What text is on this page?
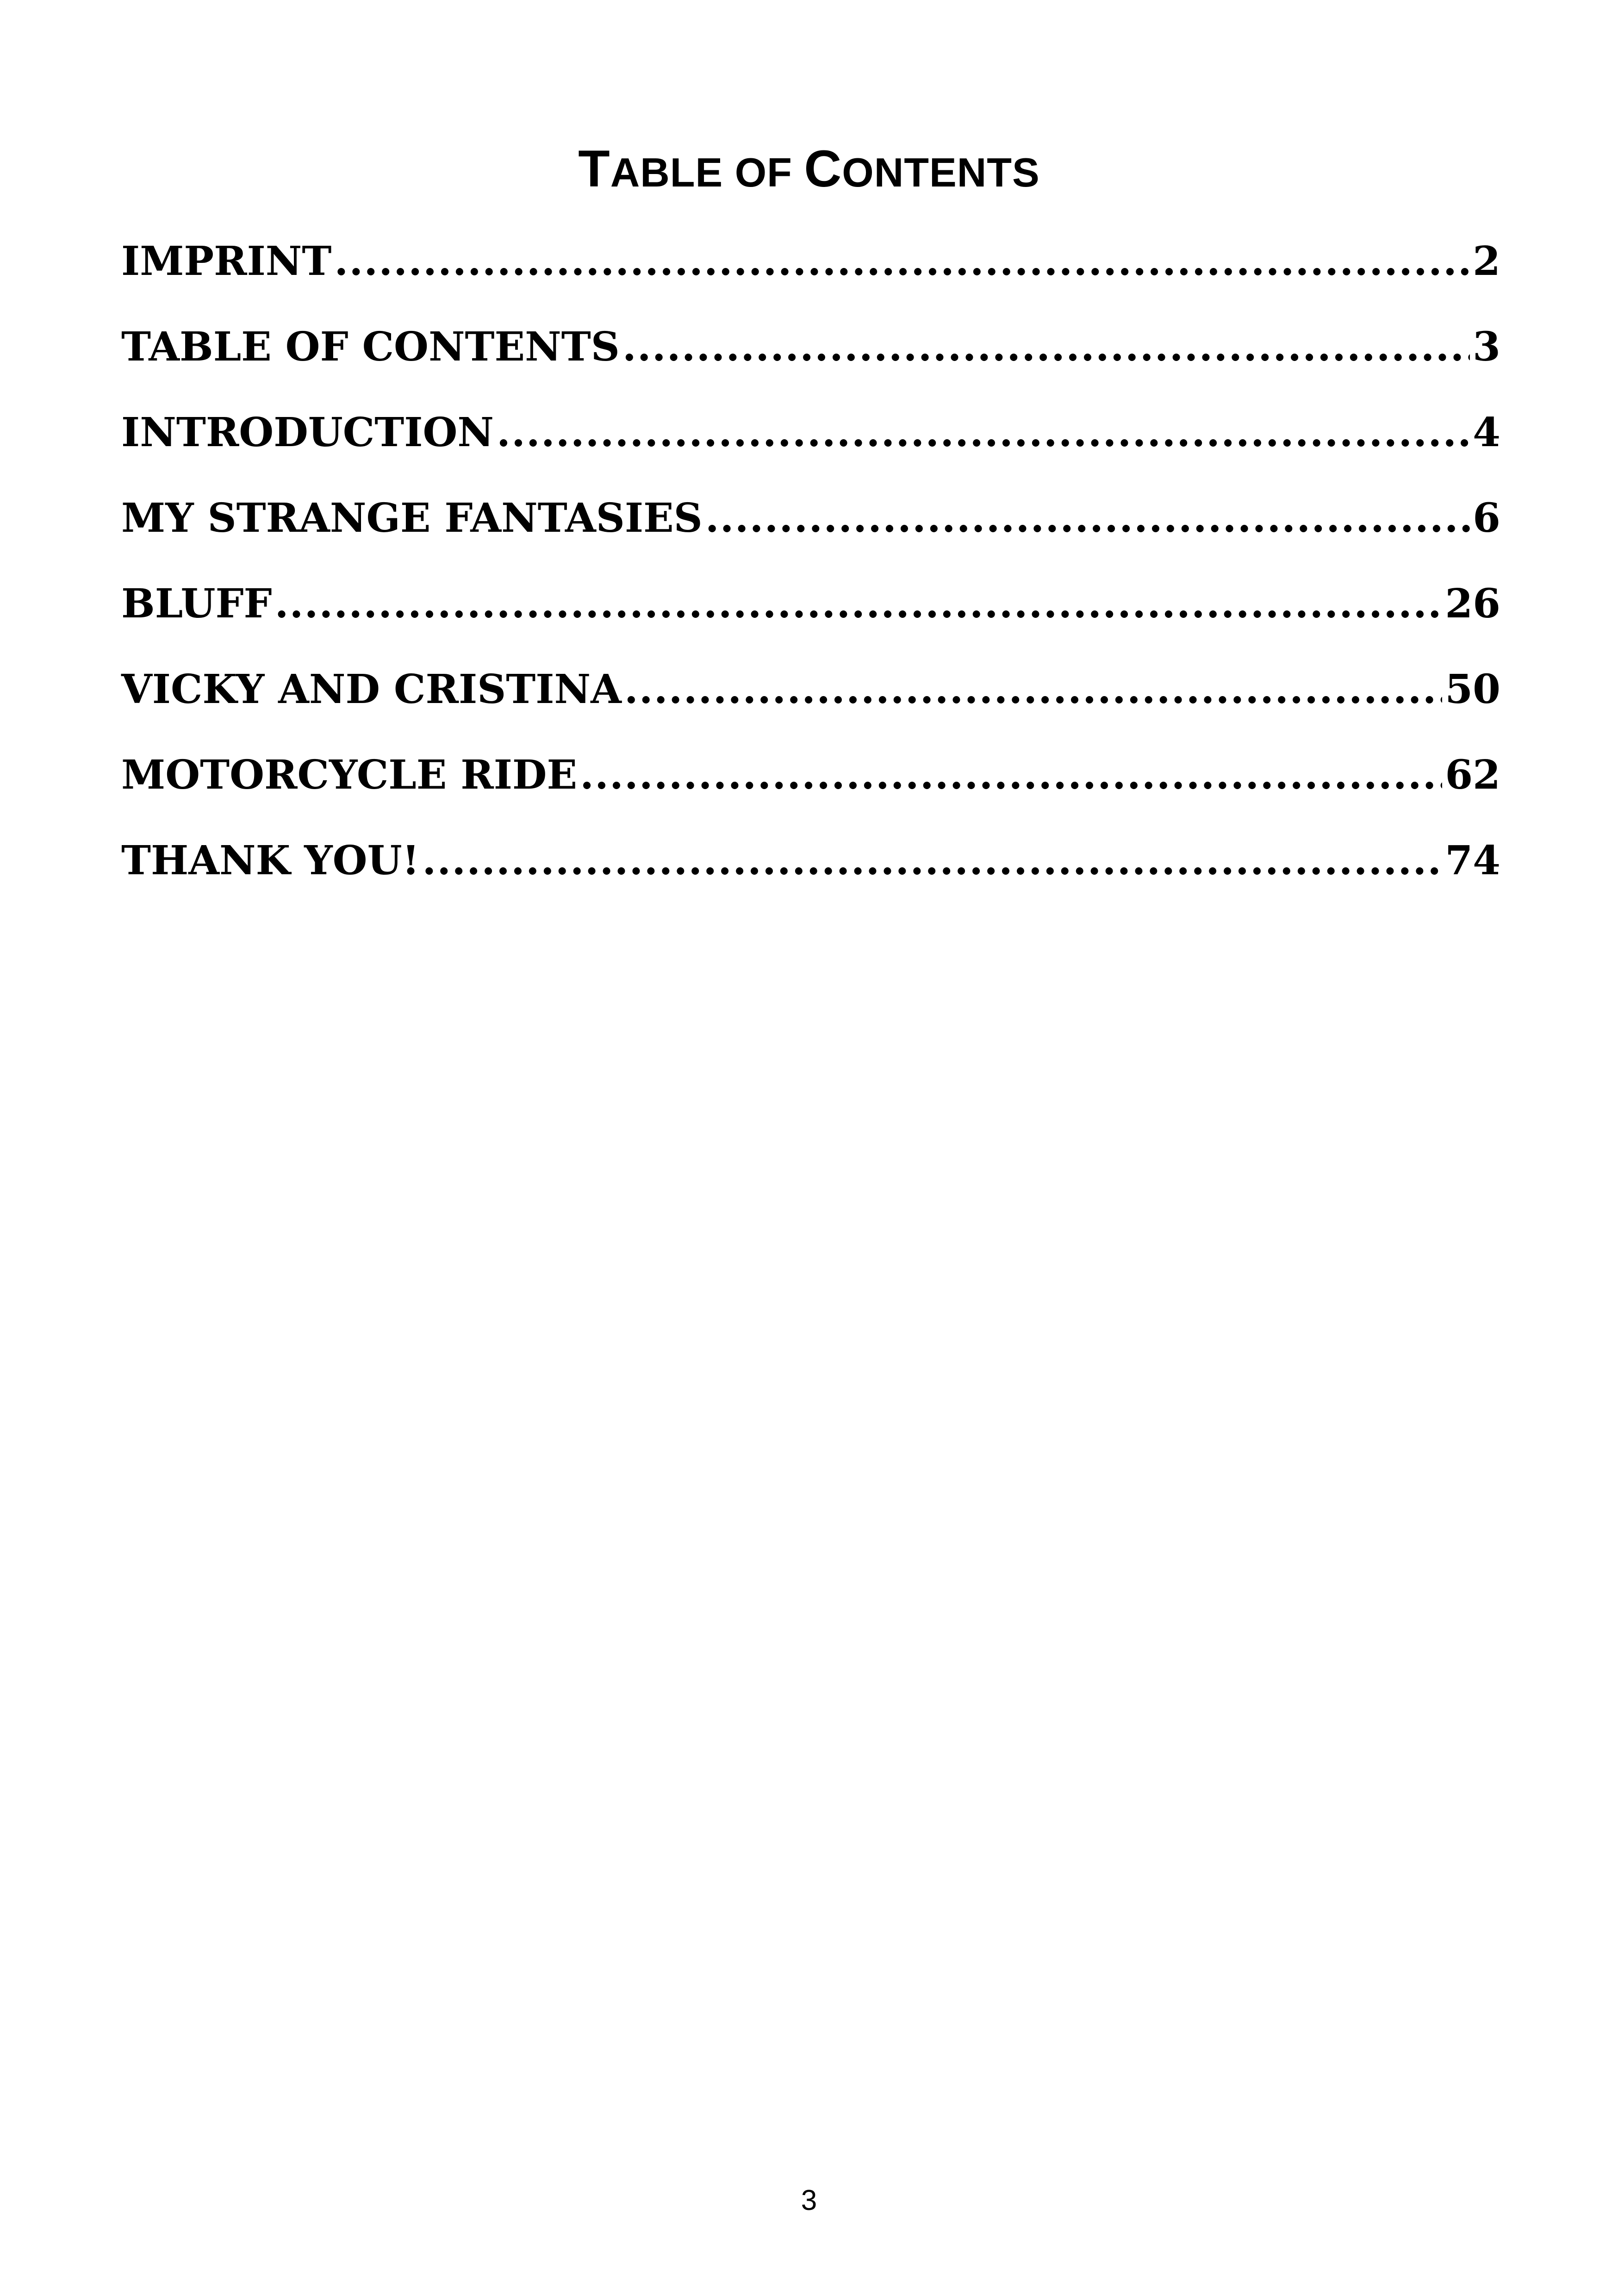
TABLE OF CONTENTS
IMPRINT .....	2
TABLE OF CONTENTS .....	3
INTRODUCTION .....	4
MY STRANGE FANTASIES .....	6
BLUFF .....	26
VICKY AND CRISTINA .....	50
MOTORCYCLE RIDE .....	62
THANK YOU! .....	74
3
